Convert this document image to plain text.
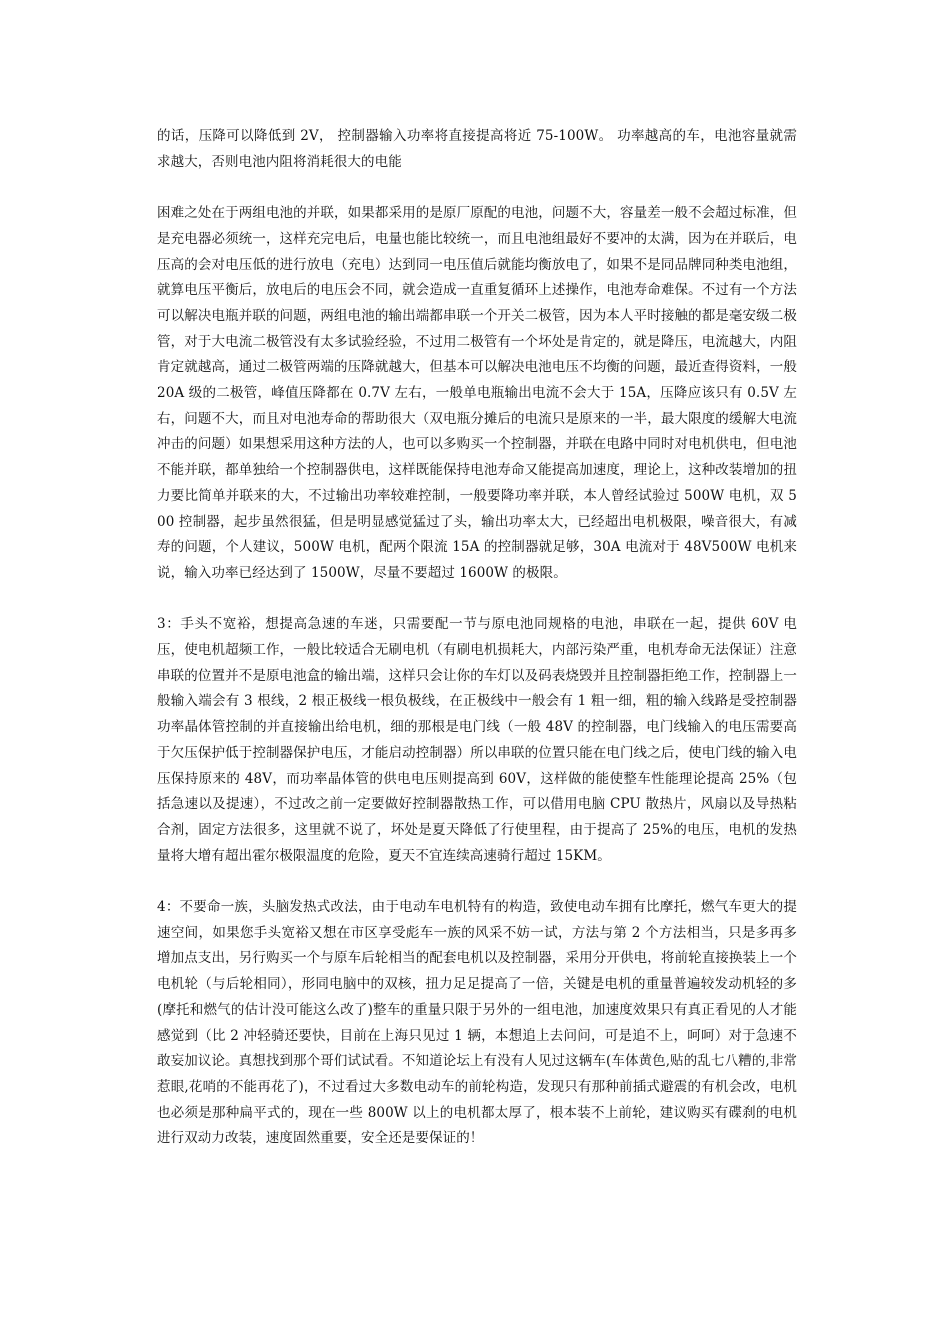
的话，压降可以降低到 2V， 控制器输入功率将直接提高将近 75-100W。 功率越高的车，电池容量就需求越大，否则电池内阻将消耗很大的电能

困难之处在于两组电池的并联，如果都采用的是原厂原配的电池，问题不大，容量差一般不会超过标准，但是充电器必须统一，这样充完电后，电量也能比较统一，而且电池组最好不要冲的太满，因为在并联后，电压高的会对电压低的进行放电（充电）达到同一电压值后就能均衡放电了，如果不是同品牌同种类电池组，就算电压平衡后，放电后的电压会不同，就会造成一直重复循环上述操作，电池寿命难保。不过有一个方法可以解决电瓶并联的问题，两组电池的输出端都串联一个开关二极管，因为本人平时接触的都是毫安级二极管，对于大电流二极管没有太多试验经验，不过用二极管有一个坏处是肯定的，就是降压，电流越大，内阻肯定就越高，通过二极管两端的压降就越大，但基本可以解决电池电压不均衡的问题，最近查得资料，一般 20A 级的二极管，峰值压降都在 0.7V 左右，一般单电瓶输出电流不会大于 15A，压降应该只有 0.5V 左右，问题不大，而且对电池寿命的帮助很大（双电瓶分摊后的电流只是原来的一半，最大限度的缓解大电流冲击的问题）如果想采用这种方法的人，也可以多购买一个控制器，并联在电路中同时对电机供电，但电池不能并联，都单独给一个控制器供电，这样既能保持电池寿命又能提高加速度，理论上，这种改装增加的扭力要比简单并联来的大，不过输出功率较难控制，一般要降功率并联，本人曾经试验过 500W 电机，双 500 控制器，起步虽然很猛，但是明显感觉猛过了头，输出功率太大，已经超出电机极限，噪音很大，有减寿的问题，个人建议，500W 电机，配两个限流 15A 的控制器就足够，30A 电流对于 48V500W 电机来说，输入功率已经达到了 1500W，尽量不要超过 1600W 的极限。

3：手头不宽裕，想提高急速的车迷，只需要配一节与原电池同规格的电池，串联在一起，提供 60V 电压，使电机超频工作，一般比较适合无刷电机（有刷电机损耗大，内部污染严重，电机寿命无法保证）注意串联的位置并不是原电池盒的输出端，这样只会让你的车灯以及码表烧毁并且控制器拒绝工作，控制器上一般输入端会有 3 根线，2 根正极线一根负极线，在正极线中一般会有 1 粗一细，粗的输入线路是受控制器功率晶体管控制的并直接输出给电机，细的那根是电门线（一般 48V 的控制器，电门线输入的电压需要高于欠压保护低于控制器保护电压，才能启动控制器）所以串联的位置只能在电门线之后，使电门线的输入电压保持原来的 48V，而功率晶体管的供电电压则提高到 60V，这样做的能使整车性能理论提高 25%（包括急速以及提速），不过改之前一定要做好控制器散热工作，可以借用电脑 CPU 散热片，风扇以及导热粘合剂，固定方法很多，这里就不说了，坏处是夏天降低了行使里程，由于提高了 25%的电压，电机的发热量将大增有超出霍尔极限温度的危险，夏天不宜连续高速骑行超过 15KM。

4：不要命一族，头脑发热式改法，由于电动车电机特有的构造，致使电动车拥有比摩托，燃气车更大的提速空间，如果您手头宽裕又想在市区享受彪车一族的风采不妨一试，方法与第 2 个方法相当，只是多再多增加点支出，另行购买一个与原车后轮相当的配套电机以及控制器，采用分开供电，将前轮直接换装上一个电机轮（与后轮相同），形同电脑中的双核，扭力足足提高了一倍，关键是电机的重量普遍较发动机轻的多(摩托和燃气的估计没可能这么改了)整车的重量只限于另外的一组电池，加速度效果只有真正看见的人才能感觉到（比 2 冲轻骑还要快，目前在上海只见过 1 辆，本想追上去问问，可是追不上，呵呵）对于急速不敢妄加议论。真想找到那个哥们试试看。不知道论坛上有没有人见过这辆车(车体黄色,贴的乱七八糟的,非常惹眼,花哨的不能再花了)，不过看过大多数电动车的前轮构造，发现只有那种前插式避震的有机会改，电机也必须是那种扁平式的，现在一些 800W 以上的电机都太厚了，根本装不上前轮，建议购买有碟刹的电机进行双动力改装，速度固然重要，安全还是要保证的！
